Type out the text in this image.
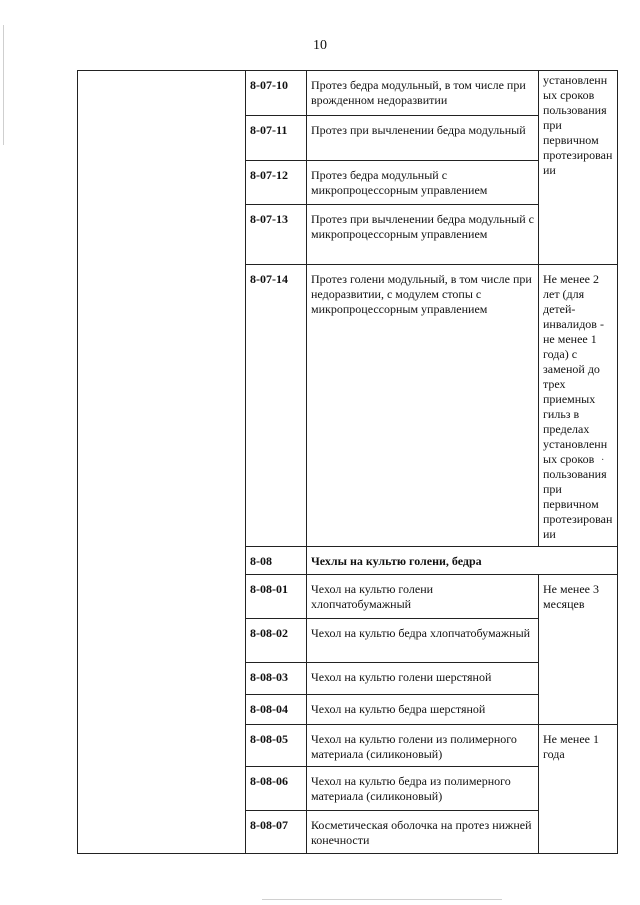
10
	8-07-10	Протез бедра модульный, в том числе при врожденном недоразвитии	установленных сроков пользования при первичном протезировании
	8-07-11	Протез при вычленении бедра модульный	
	8-07-12	Протез бедра модульный с микропроцессорным управлением	
	8-07-13	Протез при вычленении бедра модульный с микропроцессорным управлением	
	8-07-14	Протез голени модульный, в том числе при недоразвитии, с модулем стопы с микропроцессорным управлением	Не менее 2 лет (для детей-инвалидов - не менее 1 года) с заменой до трех приемных гильз в пределах установленных сроков пользования при первичном протезировании
	8-08	Чехлы на культю голени, бедра	
	8-08-01	Чехол на культю голени хлопчатобумажный	Не менее 3 месяцев
	8-08-02	Чехол на культю бедра хлопчатобумажный	
	8-08-03	Чехол на культю голени шерстяной	
	8-08-04	Чехол на культю бедра шерстяной	
	8-08-05	Чехол на культю голени из полимерного материала (силиконовый)	Не менее 1 года
	8-08-06	Чехол на культю бедра из полимерного материала (силиконовый)	
	8-08-07	Косметическая оболочка на протез нижней конечности	
·
